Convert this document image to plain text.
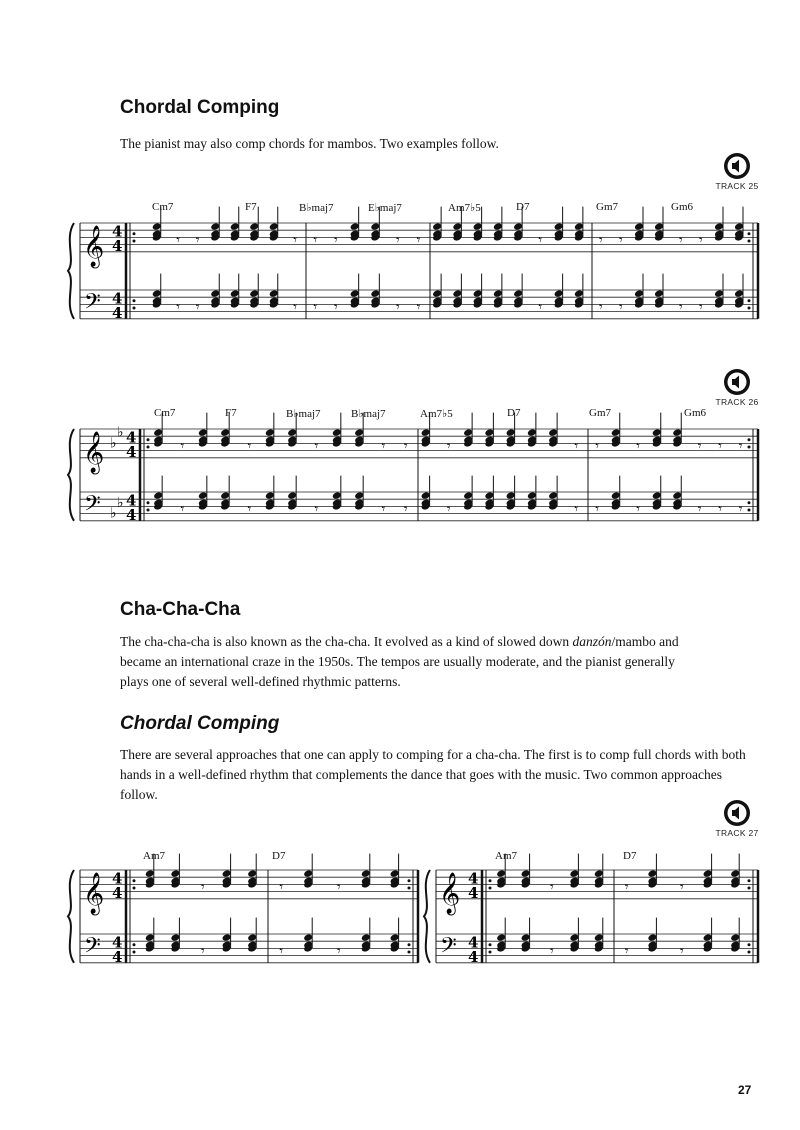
Chordal Comping

The pianist may also comp chords for mambos. Two examples follow.

Cha-Cha-Cha

The cha-cha-cha is also known as the cha-cha. It evolved as a kind of slowed down danzón/mambo and became an international craze in the 1950s. The tempos are usually moderate, and the pianist generally plays one of several well-defined rhythmic patterns.

Chordal Comping

There are several approaches that one can apply to comping for a cha-cha. The first is to comp full chords with both hands in a well-defined rhythm that complements the dance that goes with the music. Two common approaches follow.

TRACK 25
TRACK 26
TRACK 27
Cm7	F7	B♭maj7	E♭maj7	Am7♭5	D7	Gm7	Gm6
Cm7	F7	B♭maj7	B♭maj7	Am7♭5	D7	Gm7	Gm6
Am7	D7	Am7	D7
𝄞
𝄢
4
4
4
4
𝄾
𝄾
𝄾
𝄾
𝄾
𝄾
𝄾
𝄾
𝄾
𝄾
𝄾
𝄾
𝄾
𝄾
𝄾
𝄾
𝄾
𝄾
𝄾
𝄾
𝄾
𝄾
𝄾
𝄾
𝄞
𝄢
♭
♭
♭
♭
4
4
4
4
𝄾
𝄾
𝄾
𝄾
𝄾
𝄾
𝄾
𝄾
𝄾
𝄾
𝄾
𝄾
𝄾
𝄾
𝄾
𝄾
𝄾
𝄾
𝄾
𝄾
𝄾
𝄾
𝄾
𝄾
𝄞
𝄢
4
4
4
4
𝄾
𝄾
𝄾
𝄾
𝄾
𝄾
𝄞
𝄢
4
4
4
4
𝄾
𝄾
𝄾
𝄾
𝄾
𝄾
27
